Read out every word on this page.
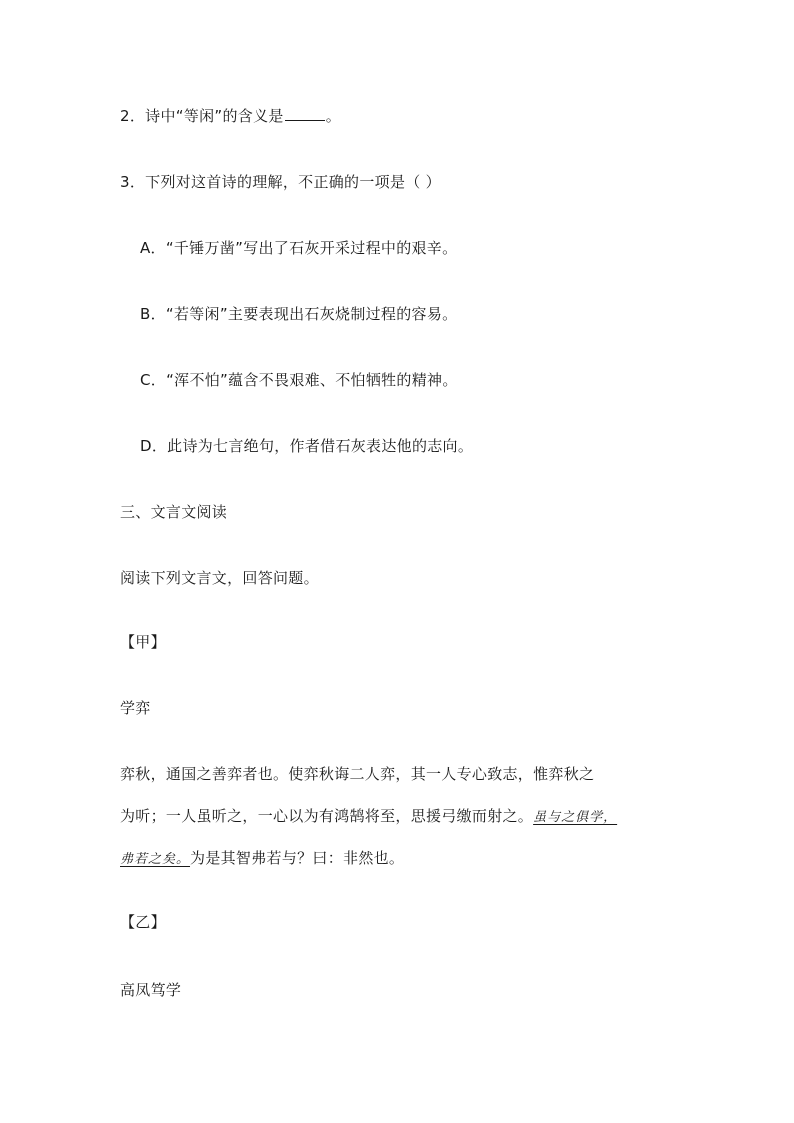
2．诗中“等闲”的含义是	。
3．下列对这首诗的理解，不正确的一项是（ ）
A．“千锤万凿”写出了石灰开采过程中的艰辛。
B．“若等闲”主要表现出石灰烧制过程的容易。
C．“浑不怕”蕴含不畏艰难、不怕牺牲的精神。
D．此诗为七言绝句，作者借石灰表达他的志向。
三、文言文阅读
阅读下列文言文，回答问题。
【甲】
学弈
弈秋，通国之善弈者也。使弈秋诲二人弈，其一人专心致志，惟弈秋之
为听；一人虽听之，一心以为有鸿鹄将至，思援弓缴而射之。虽与之俱学，
弗若之矣。为是其智弗若与？曰：非然也。
【乙】
高凤笃学
